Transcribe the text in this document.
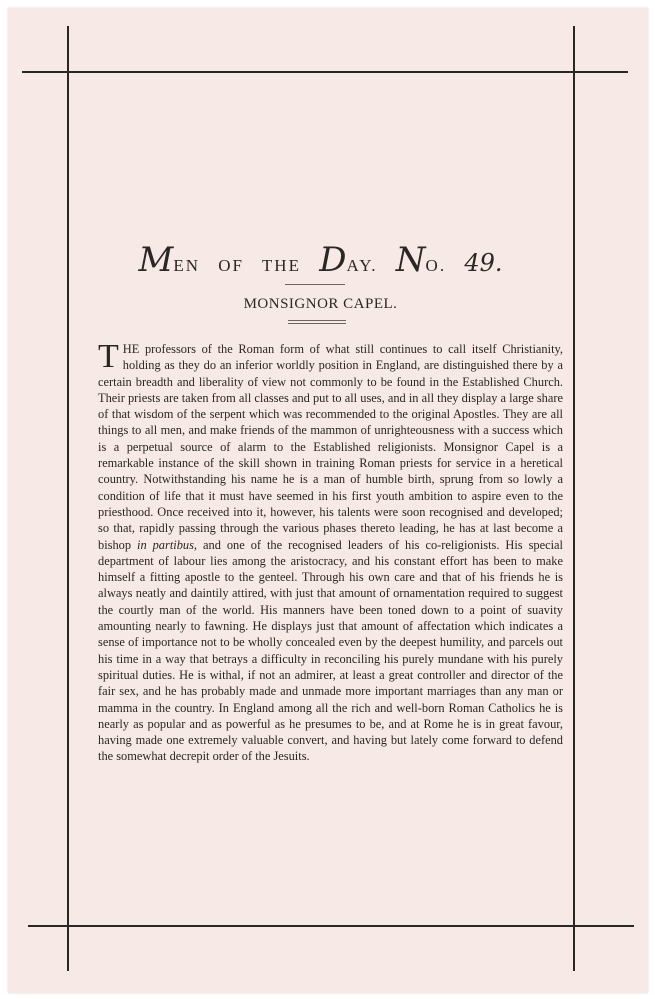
MEN OF THE DAY. NO. 49.
MONSIGNOR CAPEL.
THE professors of the Roman form of what still continues to call itself Christianity, holding as they do an inferior worldly position in England, are distinguished there by a certain breadth and liberality of view not commonly to be found in the Established Church. Their priests are taken from all classes and put to all uses, and in all they display a large share of that wisdom of the serpent which was recommended to the original Apostles. They are all things to all men, and make friends of the mammon of unrighteousness with a success which is a perpetual source of alarm to the Established religionists. Monsignor Capel is a remarkable instance of the skill shown in training Roman priests for service in a heretical country. Notwithstanding his name he is a man of humble birth, sprung from so lowly a condition of life that it must have seemed in his first youth ambition to aspire even to the priesthood. Once received into it, however, his talents were soon recognised and developed; so that, rapidly passing through the various phases thereto leading, he has at last become a bishop in partibus, and one of the recognised leaders of his co-religionists. His special department of labour lies among the aristocracy, and his constant effort has been to make himself a fitting apostle to the genteel. Through his own care and that of his friends he is always neatly and daintily attired, with just that amount of ornamentation required to suggest the courtly man of the world. His manners have been toned down to a point of suavity amounting nearly to fawning. He displays just that amount of affectation which indicates a sense of importance not to be wholly concealed even by the deepest humility, and parcels out his time in a way that betrays a difficulty in reconciling his purely mundane with his purely spiritual duties. He is withal, if not an admirer, at least a great controller and director of the fair sex, and he has probably made and unmade more important marriages than any man or mamma in the country. In England among all the rich and well-born Roman Catholics he is nearly as popular and as powerful as he presumes to be, and at Rome he is in great favour, having made one extremely valuable convert, and having but lately come forward to defend the somewhat decrepit order of the Jesuits.
